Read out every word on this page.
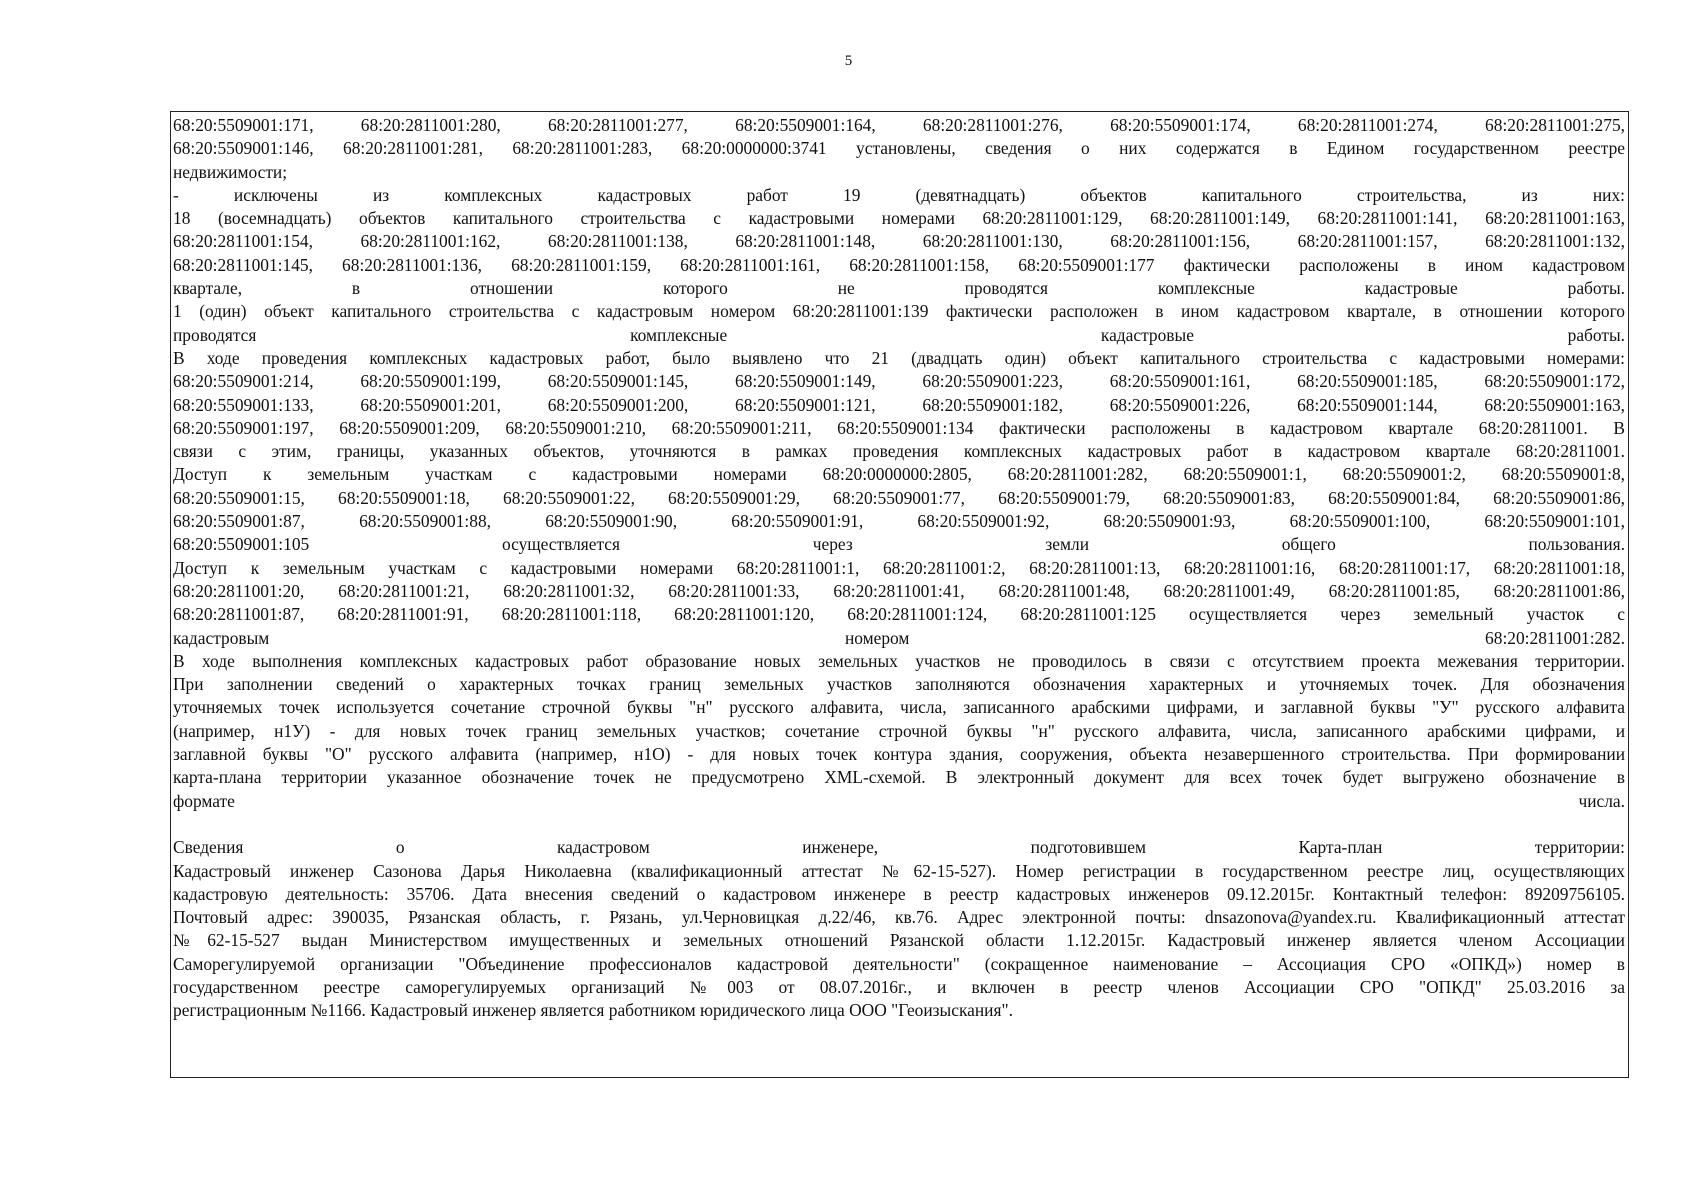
5
68:20:5509001:171, 68:20:2811001:280, 68:20:2811001:277, 68:20:5509001:164, 68:20:2811001:276, 68:20:5509001:174, 68:20:2811001:274, 68:20:2811001:275,
68:20:5509001:146, 68:20:2811001:281, 68:20:2811001:283, 68:20:0000000:3741 установлены, сведения о них содержатся в Едином государственном реестре
недвижимости;
- исключены из комплексных кадастровых работ 19 (девятнадцать) объектов капитального строительства, из них:
18 (восемнадцать) объектов капитального строительства с кадастровыми номерами 68:20:2811001:129, 68:20:2811001:149, 68:20:2811001:141, 68:20:2811001:163,
68:20:2811001:154, 68:20:2811001:162, 68:20:2811001:138, 68:20:2811001:148, 68:20:2811001:130, 68:20:2811001:156, 68:20:2811001:157, 68:20:2811001:132,
68:20:2811001:145, 68:20:2811001:136, 68:20:2811001:159, 68:20:2811001:161, 68:20:2811001:158, 68:20:5509001:177 фактически расположены в ином кадастровом
квартале, в отношении которого не проводятся комплексные кадастровые работы.
1 (один) объект капитального строительства с кадастровым номером 68:20:2811001:139 фактически расположен в ином кадастровом квартале, в отношении которого
проводятся комплексные кадастровые работы.
В ходе проведения комплексных кадастровых работ, было выявлено что 21 (двадцать один) объект капитального строительства с кадастровыми номерами:
68:20:5509001:214, 68:20:5509001:199, 68:20:5509001:145, 68:20:5509001:149, 68:20:5509001:223, 68:20:5509001:161, 68:20:5509001:185, 68:20:5509001:172,
68:20:5509001:133, 68:20:5509001:201, 68:20:5509001:200, 68:20:5509001:121, 68:20:5509001:182, 68:20:5509001:226, 68:20:5509001:144, 68:20:5509001:163,
68:20:5509001:197, 68:20:5509001:209, 68:20:5509001:210, 68:20:5509001:211, 68:20:5509001:134 фактически расположены в кадастровом квартале 68:20:2811001. В
связи с этим, границы, указанных объектов, уточняются в рамках проведения комплексных кадастровых работ в кадастровом квартале 68:20:2811001.
Доступ к земельным участкам с кадастровыми номерами 68:20:0000000:2805, 68:20:2811001:282, 68:20:5509001:1, 68:20:5509001:2, 68:20:5509001:8,
68:20:5509001:15, 68:20:5509001:18, 68:20:5509001:22, 68:20:5509001:29, 68:20:5509001:77, 68:20:5509001:79, 68:20:5509001:83, 68:20:5509001:84, 68:20:5509001:86,
68:20:5509001:87, 68:20:5509001:88, 68:20:5509001:90, 68:20:5509001:91, 68:20:5509001:92, 68:20:5509001:93, 68:20:5509001:100, 68:20:5509001:101,
68:20:5509001:105 осуществляется через земли общего пользования.
Доступ к земельным участкам с кадастровыми номерами 68:20:2811001:1, 68:20:2811001:2, 68:20:2811001:13, 68:20:2811001:16, 68:20:2811001:17, 68:20:2811001:18,
68:20:2811001:20, 68:20:2811001:21, 68:20:2811001:32, 68:20:2811001:33, 68:20:2811001:41, 68:20:2811001:48, 68:20:2811001:49, 68:20:2811001:85, 68:20:2811001:86,
68:20:2811001:87, 68:20:2811001:91, 68:20:2811001:118, 68:20:2811001:120, 68:20:2811001:124, 68:20:2811001:125 осуществляется через земельный участок с
кадастровым номером 68:20:2811001:282.
В ходе выполнения комплексных кадастровых работ образование новых земельных участков не проводилось в связи с отсутствием проекта межевания территории.
При заполнении сведений о характерных точках границ земельных участков заполняются обозначения характерных и уточняемых точек. Для обозначения
уточняемых точек используется сочетание строчной буквы "н" русского алфавита, числа, записанного арабскими цифрами, и заглавной буквы "У" русского алфавита
(например, н1У) - для новых точек границ земельных участков; сочетание строчной буквы "н" русского алфавита, числа, записанного арабскими цифрами, и
заглавной буквы "О" русского алфавита (например, н1О) - для новых точек контура здания, сооружения, объекта незавершенного строительства. При формировании
карта-плана территории указанное обозначение точек не предусмотрено XML-схемой. В электронный документ для всех точек будет выгружено обозначение в
формате числа.
Сведения о кадастровом инженере, подготовившем Карта-план территории:
Кадастровый инженер Сазонова Дарья Николаевна (квалификационный аттестат №62-15-527). Номер регистрации в государственном реестре лиц, осуществляющих
кадастровую деятельность: 35706. Дата внесения сведений о кадастровом инженере в реестр кадастровых инженеров 09.12.2015г. Контактный телефон: 89209756105.
Почтовый адрес: 390035, Рязанская область, г. Рязань, ул.Черновицкая д.22/46, кв.76. Адрес электронной почты: dnsazonova@yandex.ru. Квалификационный аттестат
№62-15-527 выдан Министерством имущественных и земельных отношений Рязанской области 1.12.2015г. Кадастровый инженер является членом Ассоциации
Саморегулируемой организации "Объединение профессионалов кадастровой деятельности" (сокращенное наименование – Ассоциация СРО «ОПКД») номер в
государственном реестре саморегулируемых организаций №003 от 08.07.2016г., и включен в реестр членов Ассоциации СРО "ОПКД" 25.03.2016 за
регистрационным №1166. Кадастровый инженер является работником юридического лица ООО "Геоизыскания".
